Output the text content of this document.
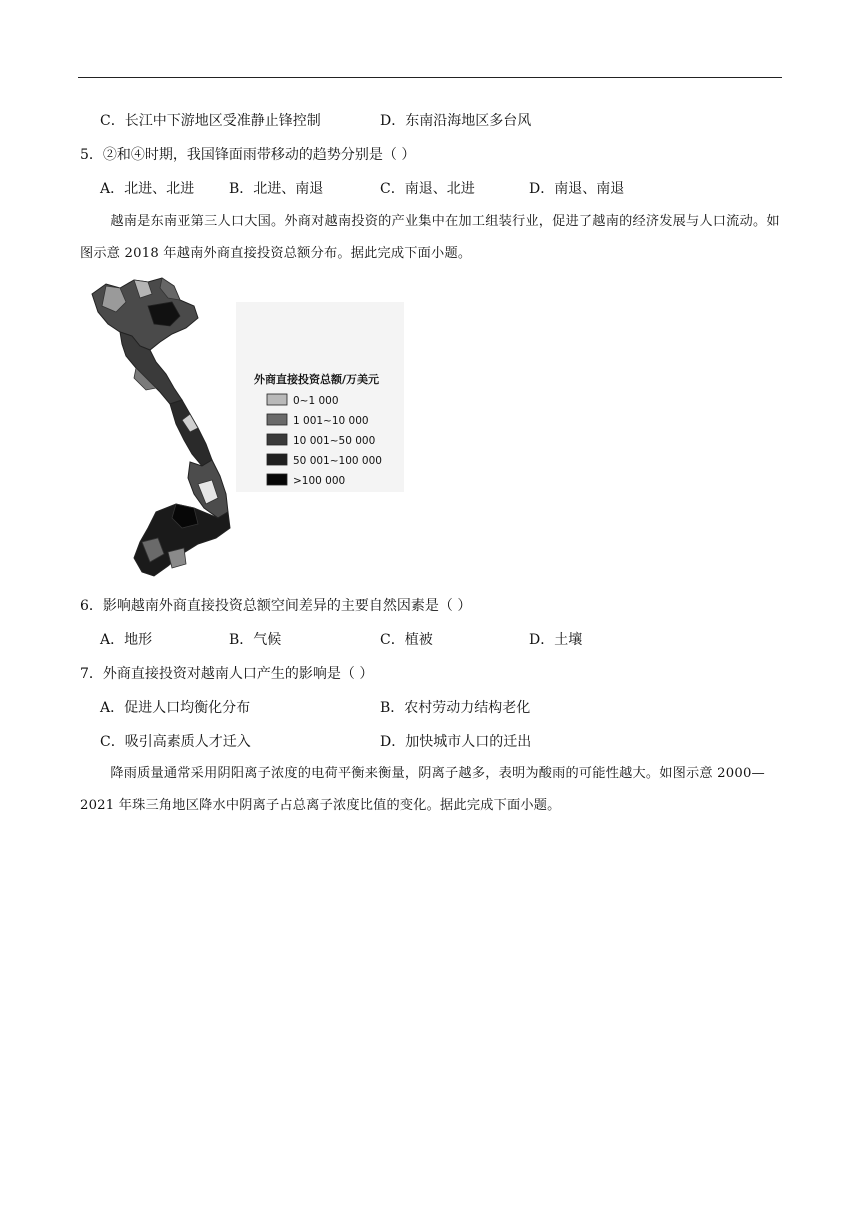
C．长江中下游地区受准静止锋控制	D．东南沿海地区多台风
5．②和④时期，我国锋面雨带移动的趋势分别是（ ）
A．北进、北进 B．北进、南退	C．南退、北进	D．南退、南退
越南是东南亚第三人口大国。外商对越南投资的产业集中在加工组装行业，促进了越南的经济发展与人口流动。如图示意 2018 年越南外商直接投资总额分布。据此完成下面小题。
外商直接投资总额/万美元
0~1 000
1 001~10 000
10 001~50 000
50 001~100 000
>100 000
6．影响越南外商直接投资总额空间差异的主要自然因素是（ ）
A．地形	B．气候	C．植被	D．土壤
7．外商直接投资对越南人口产生的影响是（ ）
A．促进人口均衡化分布	B．农村劳动力结构老化
C．吸引高素质人才迁入	D．加快城市人口的迁出
降雨质量通常采用阴阳离子浓度的电荷平衡来衡量，阴离子越多，表明为酸雨的可能性越大。如图示意 2000—2021 年珠三角地区降水中阴离子占总离子浓度比值的变化。据此完成下面小题。
